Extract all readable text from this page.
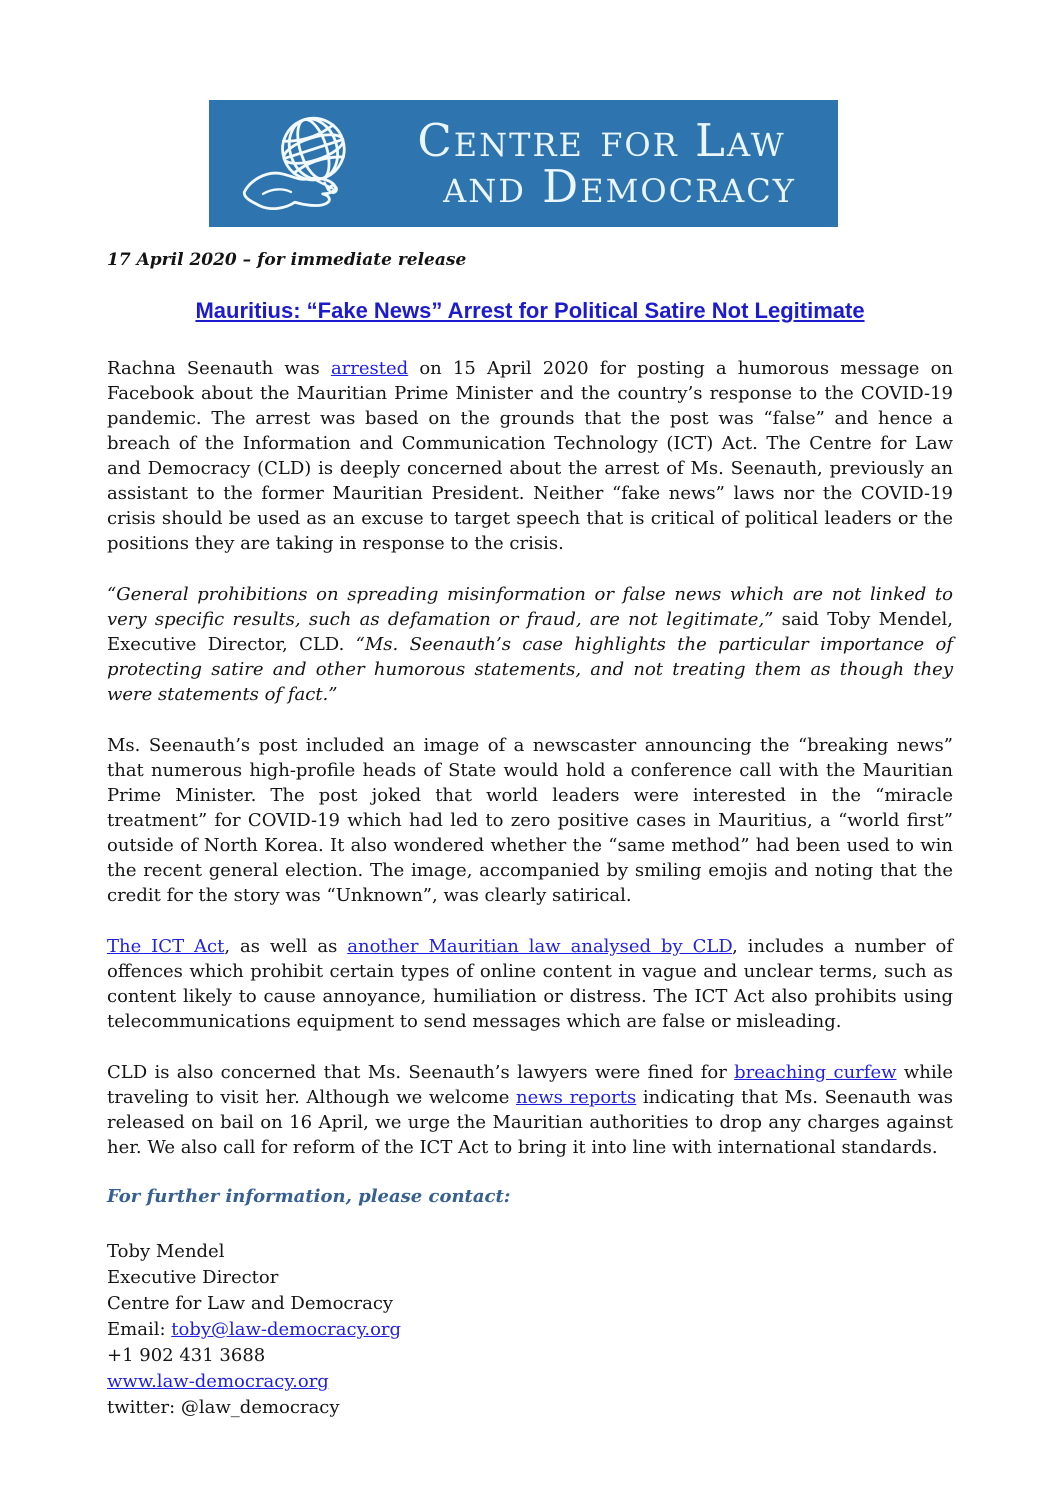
Centre for Law
and Democracy
17 April 2020 – for immediate release
Mauritius: “Fake News” Arrest for Political Satire Not Legitimate

Rachna Seenauth was arrested on 15 April 2020 for posting a humorous message on Facebook about the Mauritian Prime Minister and the country’s response to the COVID-19 pandemic. The arrest was based on the grounds that the post was “false” and hence a breach of the Information and Communication Technology (ICT) Act. The Centre for Law and Democracy (CLD) is deeply concerned about the arrest of Ms. Seenauth, previously an assistant to the former Mauritian President. Neither “fake news” laws nor the COVID-19 crisis should be used as an excuse to target speech that is critical of political leaders or the positions they are taking in response to the crisis.

“General prohibitions on spreading misinformation or false news which are not linked to very specific results, such as defamation or fraud, are not legitimate,” said Toby Mendel, Executive Director, CLD. “Ms. Seenauth’s case highlights the particular importance of protecting satire and other humorous statements, and not treating them as though they were statements of fact.”

Ms. Seenauth’s post included an image of a newscaster announcing the “breaking news” that numerous high-profile heads of State would hold a conference call with the Mauritian Prime Minister. The post joked that world leaders were interested in the “miracle treatment” for COVID-19 which had led to zero positive cases in Mauritius, a “world first” outside of North Korea. It also wondered whether the “same method” had been used to win the recent general election. The image, accompanied by smiling emojis and noting that the credit for the story was “Unknown”, was clearly satirical.

The ICT Act, as well as another Mauritian law analysed by CLD, includes a number of offences which prohibit certain types of online content in vague and unclear terms, such as content likely to cause annoyance, humiliation or distress. The ICT Act also prohibits using telecommunications equipment to send messages which are false or misleading.

CLD is also concerned that Ms. Seenauth’s lawyers were fined for breaching curfew while traveling to visit her. Although we welcome news reports indicating that Ms. Seenauth was released on bail on 16 April, we urge the Mauritian authorities to drop any charges against her. We also call for reform of the ICT Act to bring it into line with international standards.

For further information, please contact:
Toby Mendel
Executive Director
Centre for Law and Democracy
Email: toby@law-democracy.org
+1 902 431 3688
www.law-democracy.org
twitter: @law_democracy
